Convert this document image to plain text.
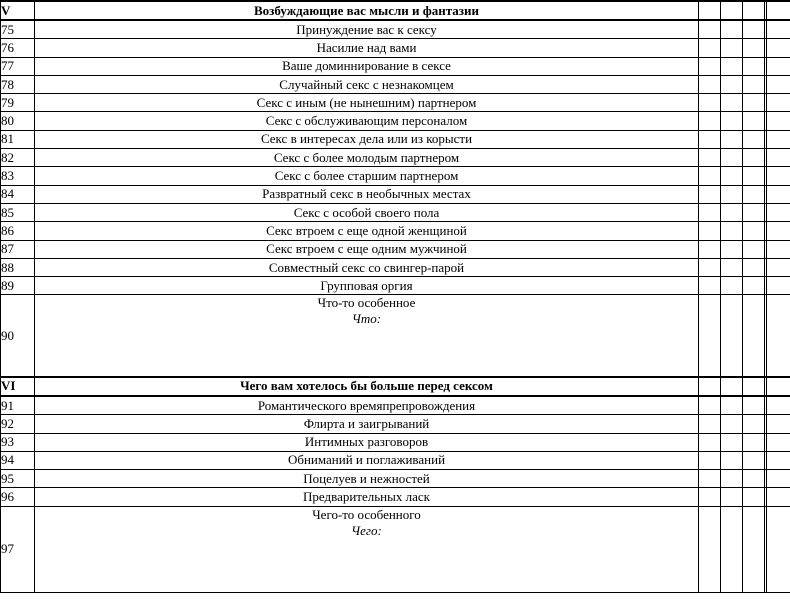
V	Возбуждающие вас мысли и фантазии					
75	Принуждение вас к сексу					
76	Насилие над вами					
77	Ваше доминнирование в сексе					
78	Случайный секс с незнакомцем					
79	Секс с иным (не нынешним) партнером					
80	Секс с обслуживающим персоналом					
81	Секс в интересах дела или из корысти					
82	Секс с более молодым партнером					
83	Секс с более старшим партнером					
84	Развратный секс в необычных местах					
85	Секс с особой своего пола					
86	Секс втроем с еще одной женщиной					
87	Секс втроем с еще одним мужчиной					
88	Совместный секс со свингер-парой					
89	Групповая оргия					
90	Что-то особенное
Что:					

VI	Чего вам хотелось бы больше перед сексом					
91	Романтического времяпрепровождения					
92	Флирта и заигрываний					
93	Интимных разговоров					
94	Обниманий и поглаживаний					
95	Поцелуев и нежностей					
96	Предварительных ласк					
97	Чего-то особенного
Чего:					
